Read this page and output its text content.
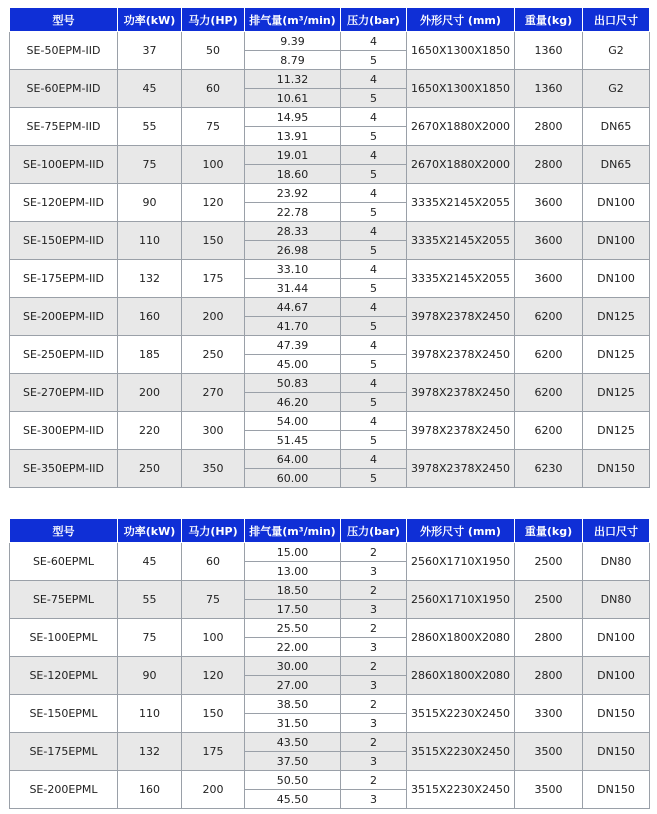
型号	功率(kW)	马力(HP)	排气量(m³/min)	压力(bar)	外形尺寸 (mm)	重量(kg)	出口尺寸
SE-50EPM-IID	37	50	9.39	4	1650X1300X1850	1360	G2
			8.79	5			
SE-60EPM-IID	45	60	11.32	4	1650X1300X1850	1360	G2
			10.61	5			
SE-75EPM-IID	55	75	14.95	4	2670X1880X2000	2800	DN65
			13.91	5			
SE-100EPM-IID	75	100	19.01	4	2670X1880X2000	2800	DN65
			18.60	5			
SE-120EPM-IID	90	120	23.92	4	3335X2145X2055	3600	DN100
			22.78	5			
SE-150EPM-IID	110	150	28.33	4	3335X2145X2055	3600	DN100
			26.98	5			
SE-175EPM-IID	132	175	33.10	4	3335X2145X2055	3600	DN100
			31.44	5			
SE-200EPM-IID	160	200	44.67	4	3978X2378X2450	6200	DN125
			41.70	5			
SE-250EPM-IID	185	250	47.39	4	3978X2378X2450	6200	DN125
			45.00	5			
SE-270EPM-IID	200	270	50.83	4	3978X2378X2450	6200	DN125
			46.20	5			
SE-300EPM-IID	220	300	54.00	4	3978X2378X2450	6200	DN125
			51.45	5			
SE-350EPM-IID	250	350	64.00	4	3978X2378X2450	6230	DN150
			60.00	5			
型号	功率(kW)	马力(HP)	排气量(m³/min)	压力(bar)	外形尺寸 (mm)	重量(kg)	出口尺寸
SE-60EPML	45	60	15.00	2	2560X1710X1950	2500	DN80
			13.00	3			
SE-75EPML	55	75	18.50	2	2560X1710X1950	2500	DN80
			17.50	3			
SE-100EPML	75	100	25.50	2	2860X1800X2080	2800	DN100
			22.00	3			
SE-120EPML	90	120	30.00	2	2860X1800X2080	2800	DN100
			27.00	3			
SE-150EPML	110	150	38.50	2	3515X2230X2450	3300	DN150
			31.50	3			
SE-175EPML	132	175	43.50	2	3515X2230X2450	3500	DN150
			37.50	3			
SE-200EPML	160	200	50.50	2	3515X2230X2450	3500	DN150
			45.50	3			
